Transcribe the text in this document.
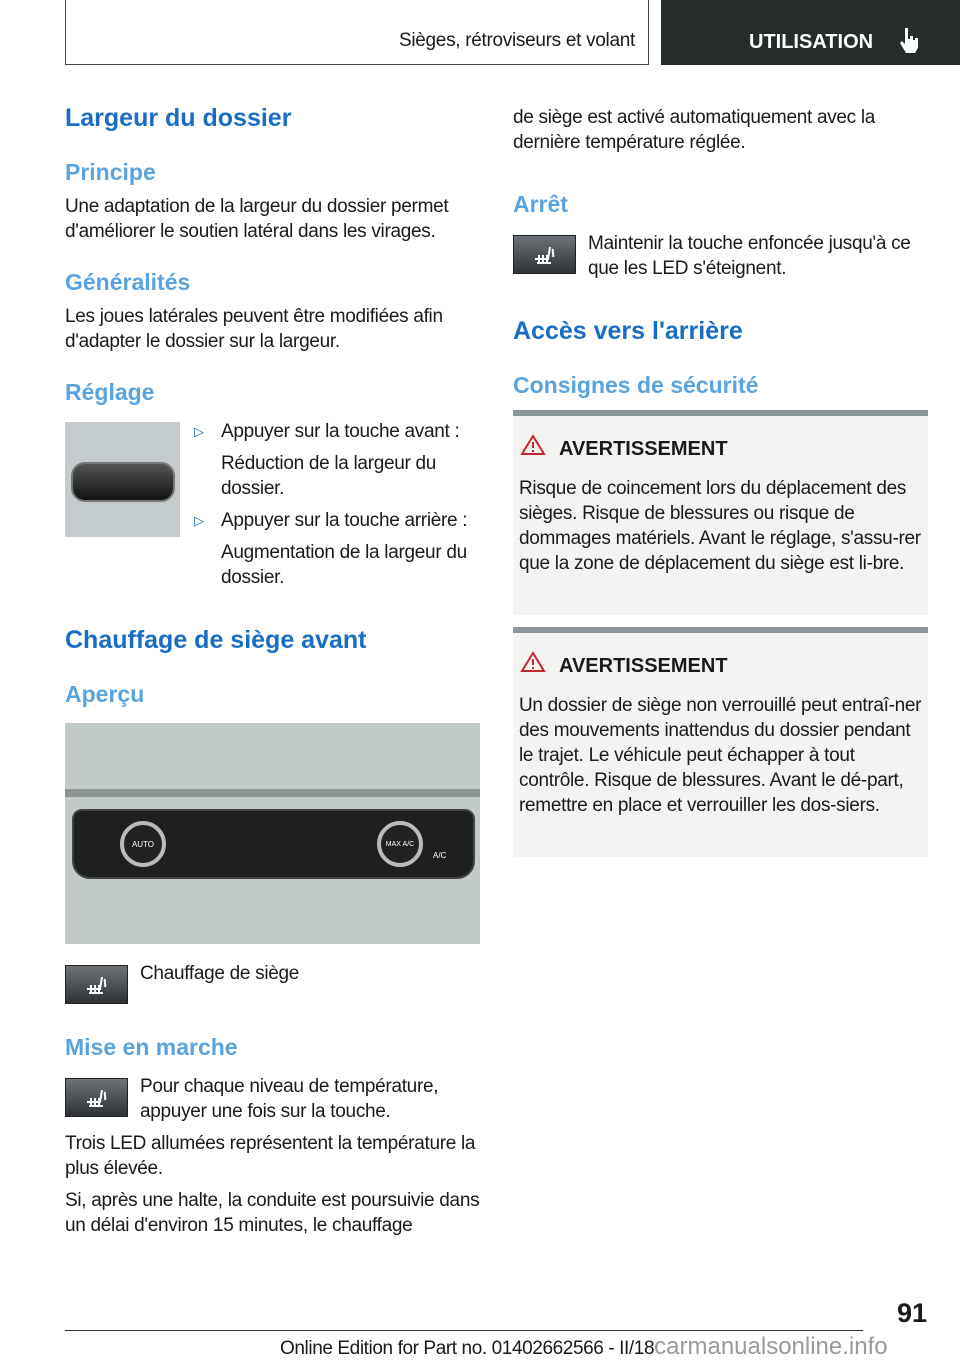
Sièges, rétroviseurs et volant	UTILISATION
Largeur du dossier
Principe
Une adaptation de la largeur du dossier permet d'améliorer le soutien latéral dans les virages.
Généralités
Les joues latérales peuvent être modifiées afin d'adapter le dossier sur la largeur.
Réglage
▷ Appuyer sur la touche avant :
Réduction de la largeur du dossier.
▷ Appuyer sur la touche arrière :
Augmentation de la largeur du dossier.
Chauffage de siège avant
Aperçu
AUTO	MAX A/C
A/C
Chauffage de siège
Mise en marche
Pour chaque niveau de température, appuyer une fois sur la touche.
Trois LED allumées représentent la température la plus élevée.
Si, après une halte, la conduite est poursuivie dans un délai d'environ 15 minutes, le chauffage
de siège est activé automatiquement avec la dernière température réglée.
Arrêt
Maintenir la touche enfoncée jusqu'à ce que les LED s'éteignent.
Accès vers l'arrière
Consignes de sécurité
AVERTISSEMENT
Risque de coincement lors du déplacement des sièges. Risque de blessures ou risque de dommages matériels. Avant le réglage, s'assu-rer que la zone de déplacement du siège est li-bre.
AVERTISSEMENT
Un dossier de siège non verrouillé peut entraî-ner des mouvements inattendus du dossier pendant le trajet. Le véhicule peut échapper à tout contrôle. Risque de blessures. Avant le dé-part, remettre en place et verrouiller les dos-siers.
91
Online Edition for Part no. 01402662566 - II/18carmanualsonline.info
